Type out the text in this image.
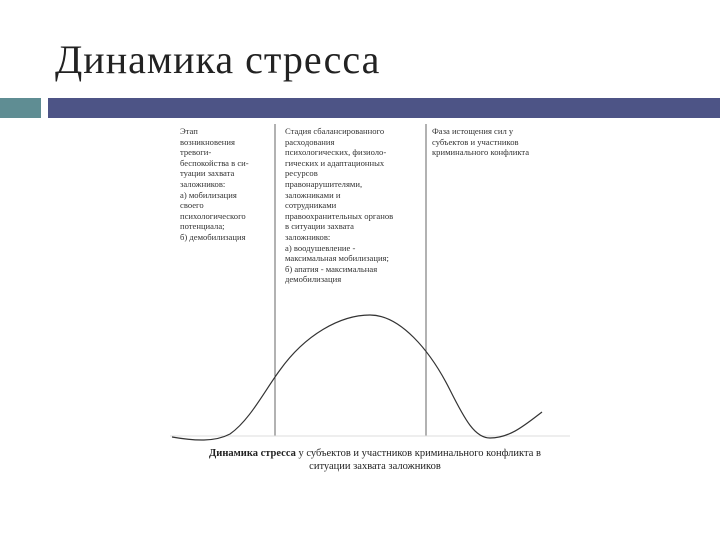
Динамика стресса
Этап
возникновения
тревоги-
беспокойства в си-
туации захвата
заложников:
а) мобилизация
своего
психологического
потенциала;
б) демобилизация
Стадия сбалансированного
расходования
психологических, физиоло-
гических и адаптационных
ресурсов
правонарушителями,
заложниками и
сотрудниками
правоохранительных органов
в ситуации захвата
заложников:
а) воодушевление -
максимальная мобилизация;
б) апатия - максимальная
демобилизация
Фаза истощения сил у
субъектов и участников
криминального конфликта
Динамика стресса у субъектов и участников криминального конфликта в
ситуации захвата заложников
